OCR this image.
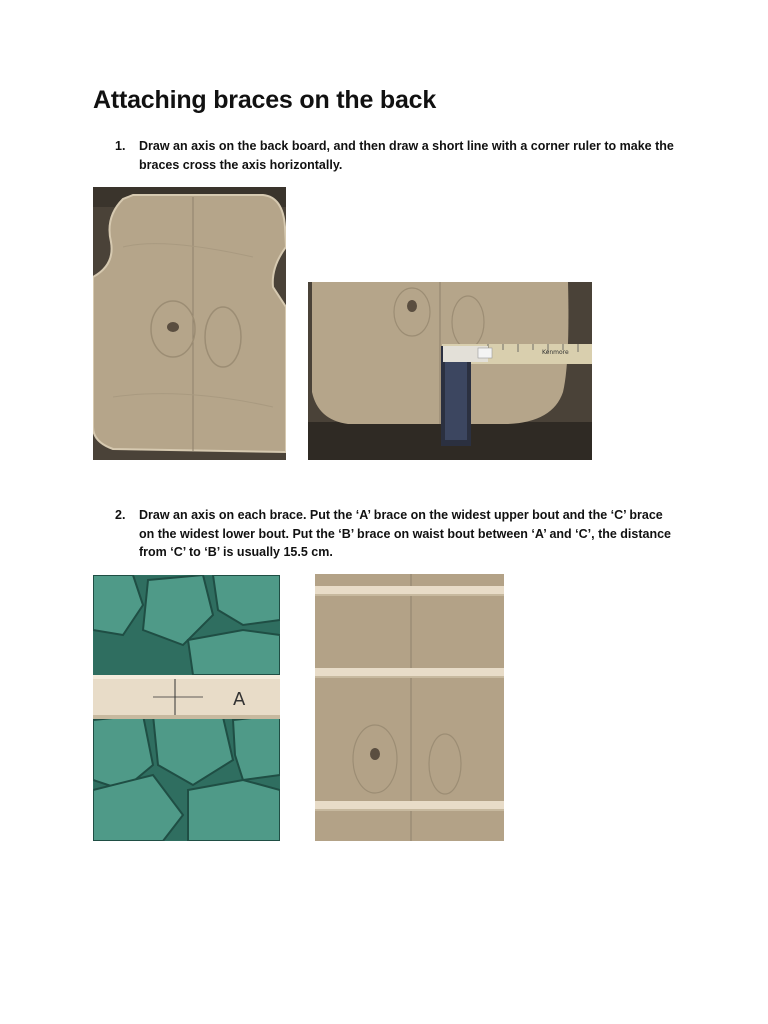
Attaching braces on the back
1. Draw an axis on the back board, and then draw a short line with a corner ruler to make the braces cross the axis horizontally.
Kenmore
2. Draw an axis on each brace. Put the ‘A’ brace on the widest upper bout and the ‘C’ brace on the widest lower bout. Put the ‘B’ brace on waist bout between ‘A’ and ‘C’, the distance from ‘C’ to ‘B’ is usually 15.5 cm.
A
